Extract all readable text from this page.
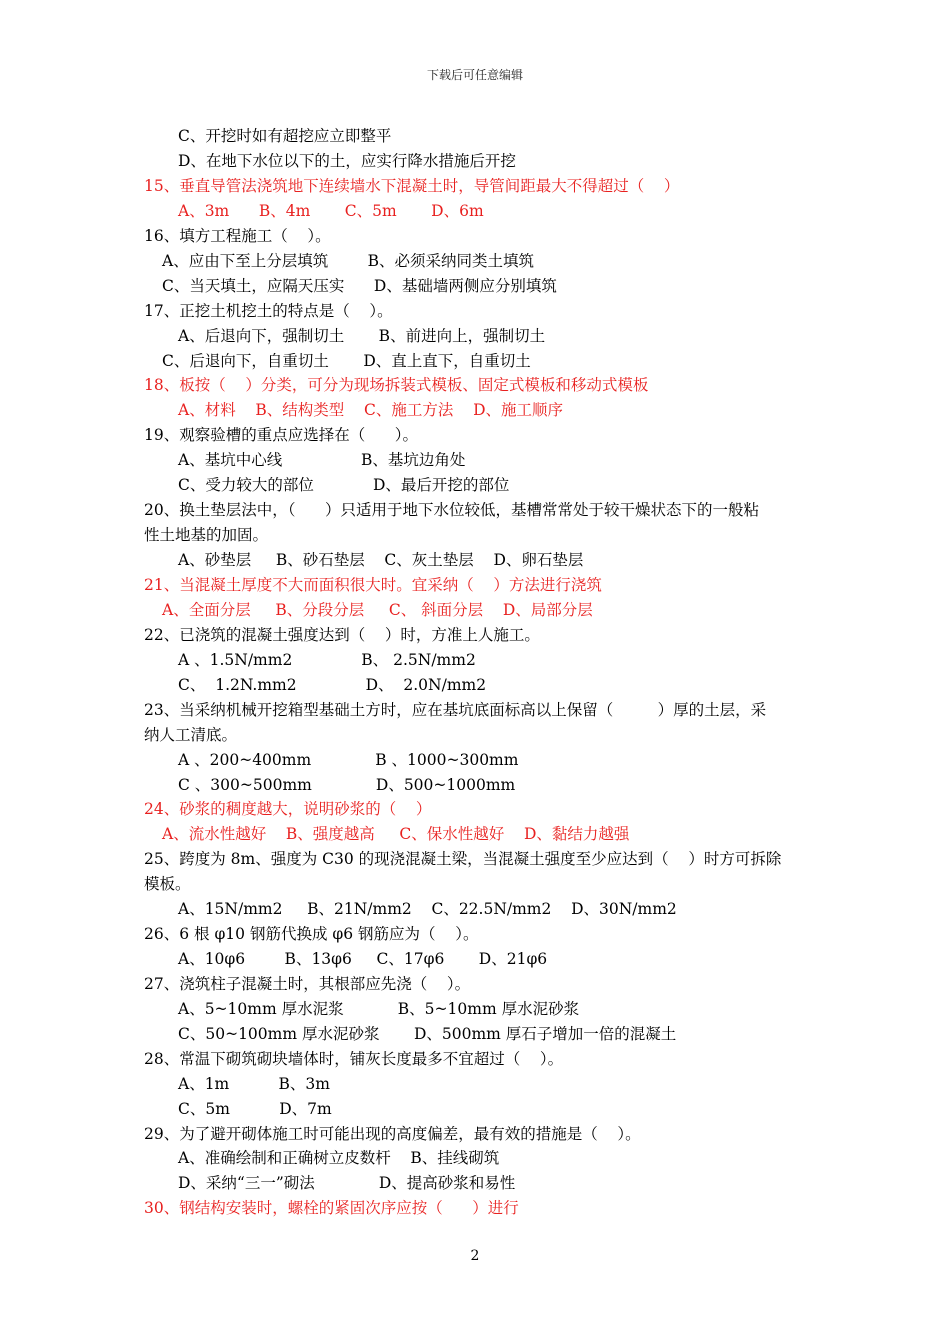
下载后可任意编辑
C、开挖时如有超挖应立即整平
D、在地下水位以下的土，应实行降水措施后开挖
15、垂直导管法浇筑地下连续墙水下混凝土时，导管间距最大不得超过（    ）
A、3m      B、4m       C、5m       D、6m
16、填方工程施工（    ）。
A、应由下至上分层填筑        B、必须采纳同类土填筑
C、当天填土，应隔天压实      D、基础墙两侧应分别填筑
17、正挖土机挖土的特点是（    ）。
A、后退向下，强制切土       B、前进向上，强制切土
C、后退向下，自重切土       D、直上直下，自重切土
18、板按（    ）分类，可分为现场拆装式模板、固定式模板和移动式模板
A、材料    B、结构类型    C、施工方法    D、施工顺序
19、观察验槽的重点应选择在（      ）。
A、基坑中心线                B、基坑边角处
C、受力较大的部位            D、最后开挖的部位
20、换土垫层法中，（      ）只适用于地下水位较低，基槽常常处于较干燥状态下的一般粘
性土地基的加固。
A、砂垫层     B、砂石垫层    C、灰土垫层    D、卵石垫层
21、当混凝土厚度不大而面积很大时。宜采纳（    ）方法进行浇筑
A、全面分层     B、分段分层     C、 斜面分层    D、局部分层
22、已浇筑的混凝土强度达到（    ）时，方准上人施工。
A 、1.5N/mm2              B、 2.5N/mm2
C、  1.2N.mm2              D、  2.0N/mm2
23、当采纳机械开挖箱型基础土方时，应在基坑底面标高以上保留（         ）厚的土层，采
纳人工清底。
A 、200~400mm             B 、1000~300mm
C 、300~500mm             D、500~1000mm
24、砂浆的稠度越大，说明砂浆的（    ）
A、流水性越好    B、强度越高     C、保水性越好    D、黏结力越强
25、跨度为 8m、强度为 C30 的现浇混凝土梁，当混凝土强度至少应达到（    ）时方可拆除
模板。
A、15N/mm2     B、21N/mm2    C、22.5N/mm2    D、30N/mm2
26、6 根 φ10 钢筋代换成 φ6 钢筋应为（    ）。
A、10φ6        B、13φ6     C、17φ6       D、21φ6
27、浇筑柱子混凝土时，其根部应先浇（    ）。
A、5~10mm 厚水泥浆           B、5~10mm 厚水泥砂浆
C、50~100mm 厚水泥砂浆       D、500mm 厚石子增加一倍的混凝土
28、常温下砌筑砌块墙体时，铺灰长度最多不宜超过（    ）。
A、1m          B、3m
C、5m          D、7m
29、为了避开砌体施工时可能出现的高度偏差，最有效的措施是（    ）。
A、准确绘制和正确树立皮数杆    B、挂线砌筑
D、采纳“三一”砌法             D、提高砂浆和易性
30、钢结构安装时，螺栓的紧固次序应按（      ）进行
2
